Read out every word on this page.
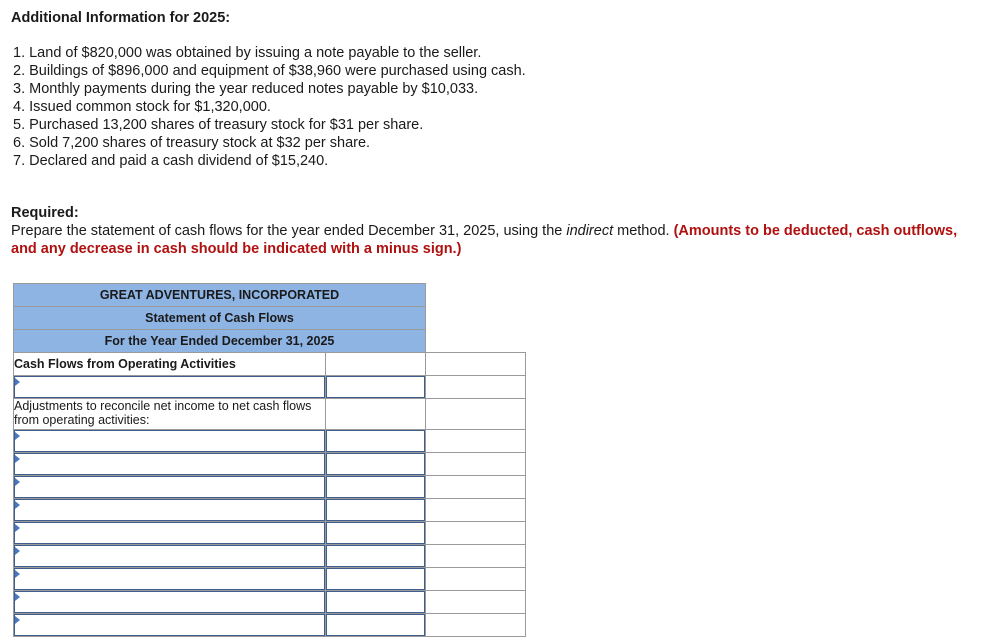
Additional Information for 2025:
1. Land of $820,000 was obtained by issuing a note payable to the seller.
2. Buildings of $896,000 and equipment of $38,960 were purchased using cash.
3. Monthly payments during the year reduced notes payable by $10,033.
4. Issued common stock for $1,320,000.
5. Purchased 13,200 shares of treasury stock for $31 per share.
6. Sold 7,200 shares of treasury stock at $32 per share.
7. Declared and paid a cash dividend of $15,240.
Required:
Prepare the statement of cash flows for the year ended December 31, 2025, using the indirect method. (Amounts to be deducted, cash outflows, and any decrease in cash should be indicated with a minus sign.)
GREAT ADVENTURES, INCORPORATED		
Statement of Cash Flows		
For the Year Ended December 31, 2025		
Cash Flows from Operating Activities		

Adjustments to reconcile net income to net cash flows from operating activities:		
